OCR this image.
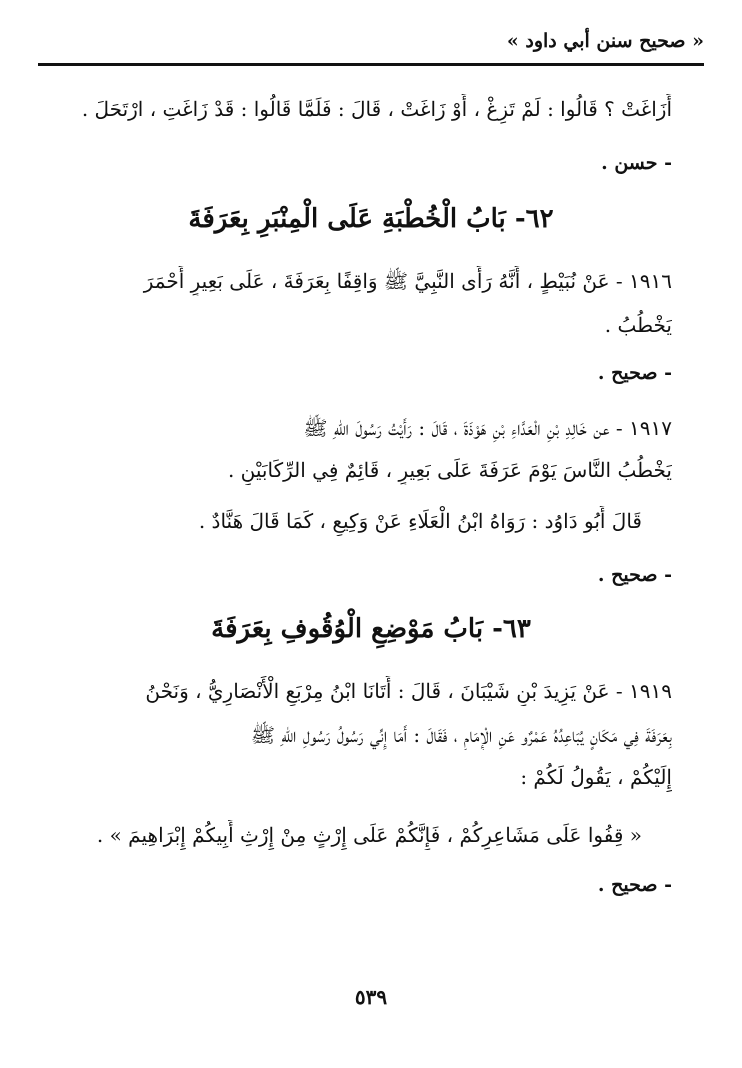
« صحيح سنن أبي داود »
أَزَاغَتْ ؟ قَالُوا : لَمْ تَزِغْ ، أَوْ زَاغَتْ ، قَالَ : فَلَمَّا قَالُوا : قَدْ زَاغَتِ ، ارْتَحَلَ .
- حسن .
٦٢- بَابُ الْخُطْبَةِ عَلَى الْمِنْبَرِ بِعَرَفَةَ
١٩١٦ - عَنْ نُبَيْطٍ ، أَنَّهُ رَأَى النَّبِيَّ ﷺ وَاقِفًا بِعَرَفَةَ ، عَلَى بَعِيرٍ أَحْمَرَ
يَخْطُبُ .
- صحيح .
١٩١٧ - عن خَالِدِ بْنِ الْعَدَّاءِ بْنِ هَوْذَةَ ، قَالَ : رَأَيْتُ رَسُولَ اللهِ ﷺ
يَخْطُبُ النَّاسَ يَوْمَ عَرَفَةَ عَلَى بَعِيرٍ ، قَائِمٌ فِي الرِّكَابَيْنِ .
قَالَ أَبُو دَاوُد : رَوَاهُ ابْنُ الْعَلَاءِ عَنْ وَكِيعٍ ، كَمَا قَالَ هَنَّادٌ .
- صحيح .
٦٣- بَابُ مَوْضِعِ الْوُقُوفِ بِعَرَفَةَ
١٩١٩ - عَنْ يَزِيدَ بْنِ شَيْبَانَ ، قَالَ : أَتَانَا ابْنُ مِرْبَعٍ الْأَنْصَارِيُّ ، وَنَحْنُ
بِعَرَفَةَ فِي مَكَانٍ يُبَاعِدُهُ عَمْرٌو عَنِ الْإِمَامِ ، فَقَالَ : أَمَا إِنِّي رَسُولُ رَسُولِ اللهِ ﷺ
إِلَيْكُمْ ، يَقُولُ لَكُمْ :
« قِفُوا عَلَى مَشَاعِرِكُمْ ، فَإِنَّكُمْ عَلَى إِرْثٍ مِنْ إِرْثِ أَبِيكُمْ إِبْرَاهِيمَ » .
- صحيح .
٥٣٩
